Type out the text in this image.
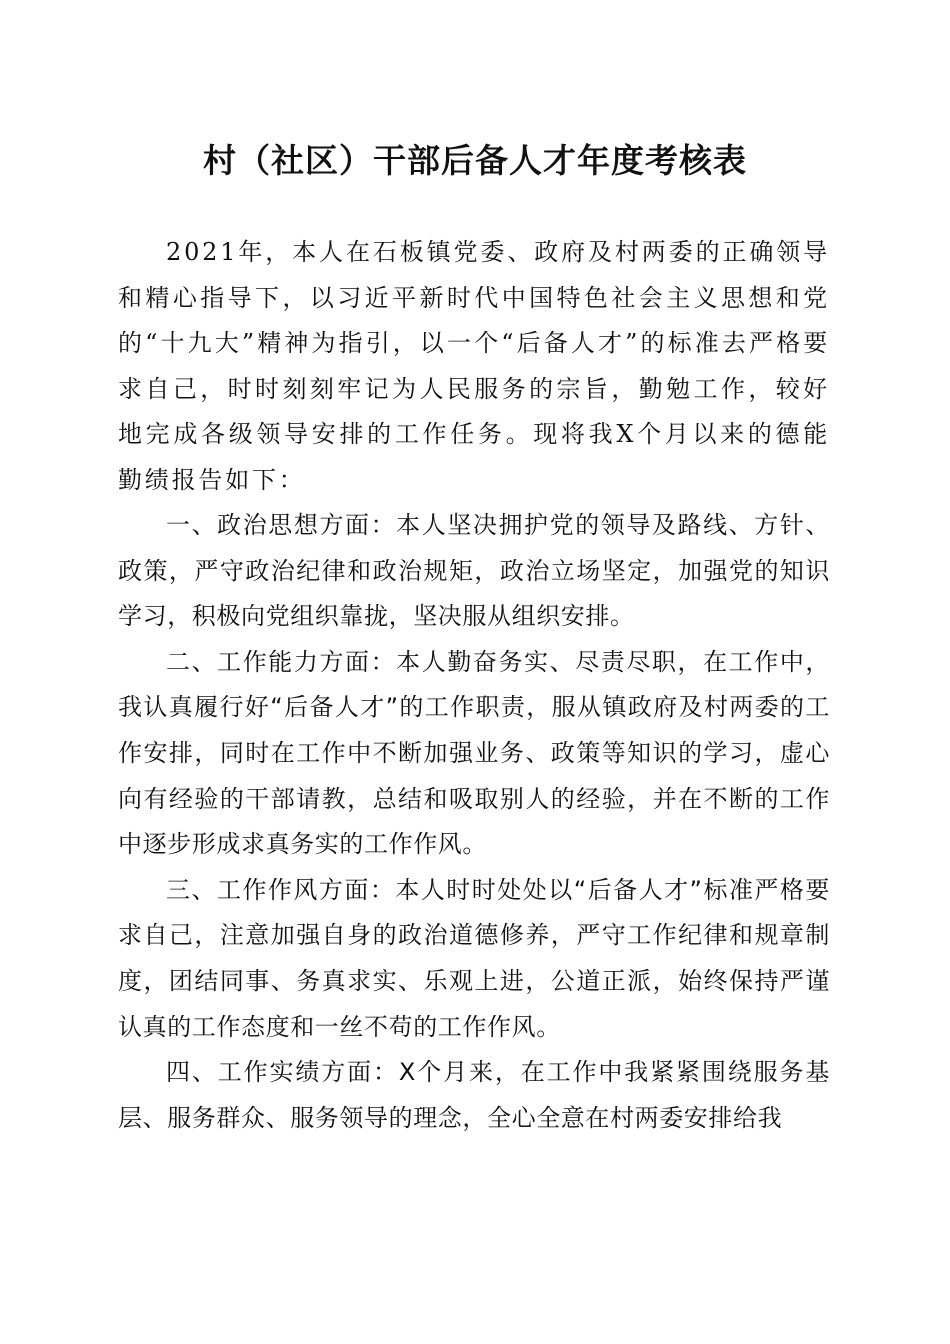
村（社区）干部后备人才年度考核表

2021年，本人在石板镇党委、政府及村两委的正确领导和精心指导下，以习近平新时代中国特色社会主义思想和党的“十九大”精神为指引，以一个“后备人才”的标准去严格要求自己，时时刻刻牢记为人民服务的宗旨，勤勉工作，较好地完成各级领导安排的工作任务。现将我X个月以来的德能勤绩报告如下：

一、政治思想方面：本人坚决拥护党的领导及路线、方针、政策，严守政治纪律和政治规矩，政治立场坚定，加强党的知识学习，积极向党组织靠拢，坚决服从组织安排。

二、工作能力方面：本人勤奋务实、尽责尽职，在工作中，我认真履行好“后备人才”的工作职责，服从镇政府及村两委的工作安排，同时在工作中不断加强业务、政策等知识的学习，虚心向有经验的干部请教，总结和吸取别人的经验，并在不断的工作中逐步形成求真务实的工作作风。

三、工作作风方面：本人时时处处以“后备人才”标准严格要求自己，注意加强自身的政治道德修养，严守工作纪律和规章制度，团结同事、务真求实、乐观上进，公道正派，始终保持严谨认真的工作态度和一丝不苟的工作作风。

四、工作实绩方面：X个月来，在工作中我紧紧围绕服务基层、服务群众、服务领导的理念，全心全意在村两委安排给我
